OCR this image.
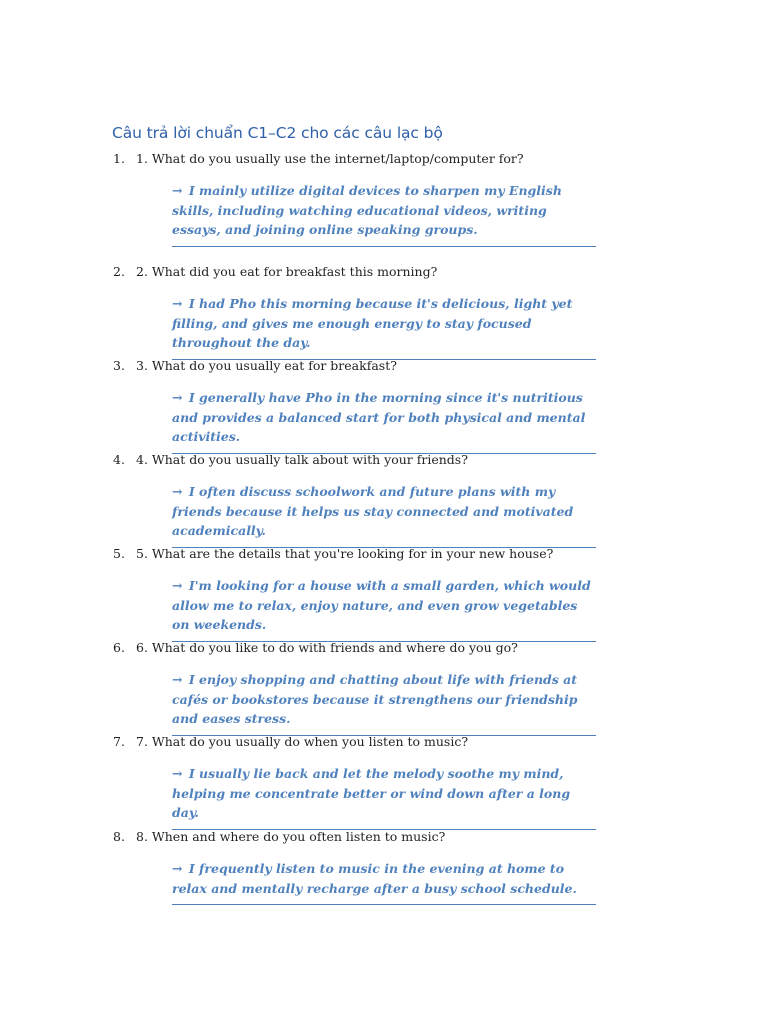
Câu trả lời chuẩn C1–C2 cho các câu lạc bộ
1. 1. What do you usually use the internet/laptop/computer for?
→ I mainly utilize digital devices to sharpen my English skills, including watching educational videos, writing essays, and joining online speaking groups.
2. 2. What did you eat for breakfast this morning?
→ I had Pho this morning because it's delicious, light yet filling, and gives me enough energy to stay focused throughout the day.
3. 3. What do you usually eat for breakfast?
→ I generally have Pho in the morning since it's nutritious and provides a balanced start for both physical and mental activities.
4. 4. What do you usually talk about with your friends?
→ I often discuss schoolwork and future plans with my friends because it helps us stay connected and motivated academically.
5. 5. What are the details that you're looking for in your new house?
→ I'm looking for a house with a small garden, which would allow me to relax, enjoy nature, and even grow vegetables on weekends.
6. 6. What do you like to do with friends and where do you go?
→ I enjoy shopping and chatting about life with friends at cafés or bookstores because it strengthens our friendship and eases stress.
7. 7. What do you usually do when you listen to music?
→ I usually lie back and let the melody soothe my mind, helping me concentrate better or wind down after a long day.
8. 8. When and where do you often listen to music?
→ I frequently listen to music in the evening at home to relax and mentally recharge after a busy school schedule.
